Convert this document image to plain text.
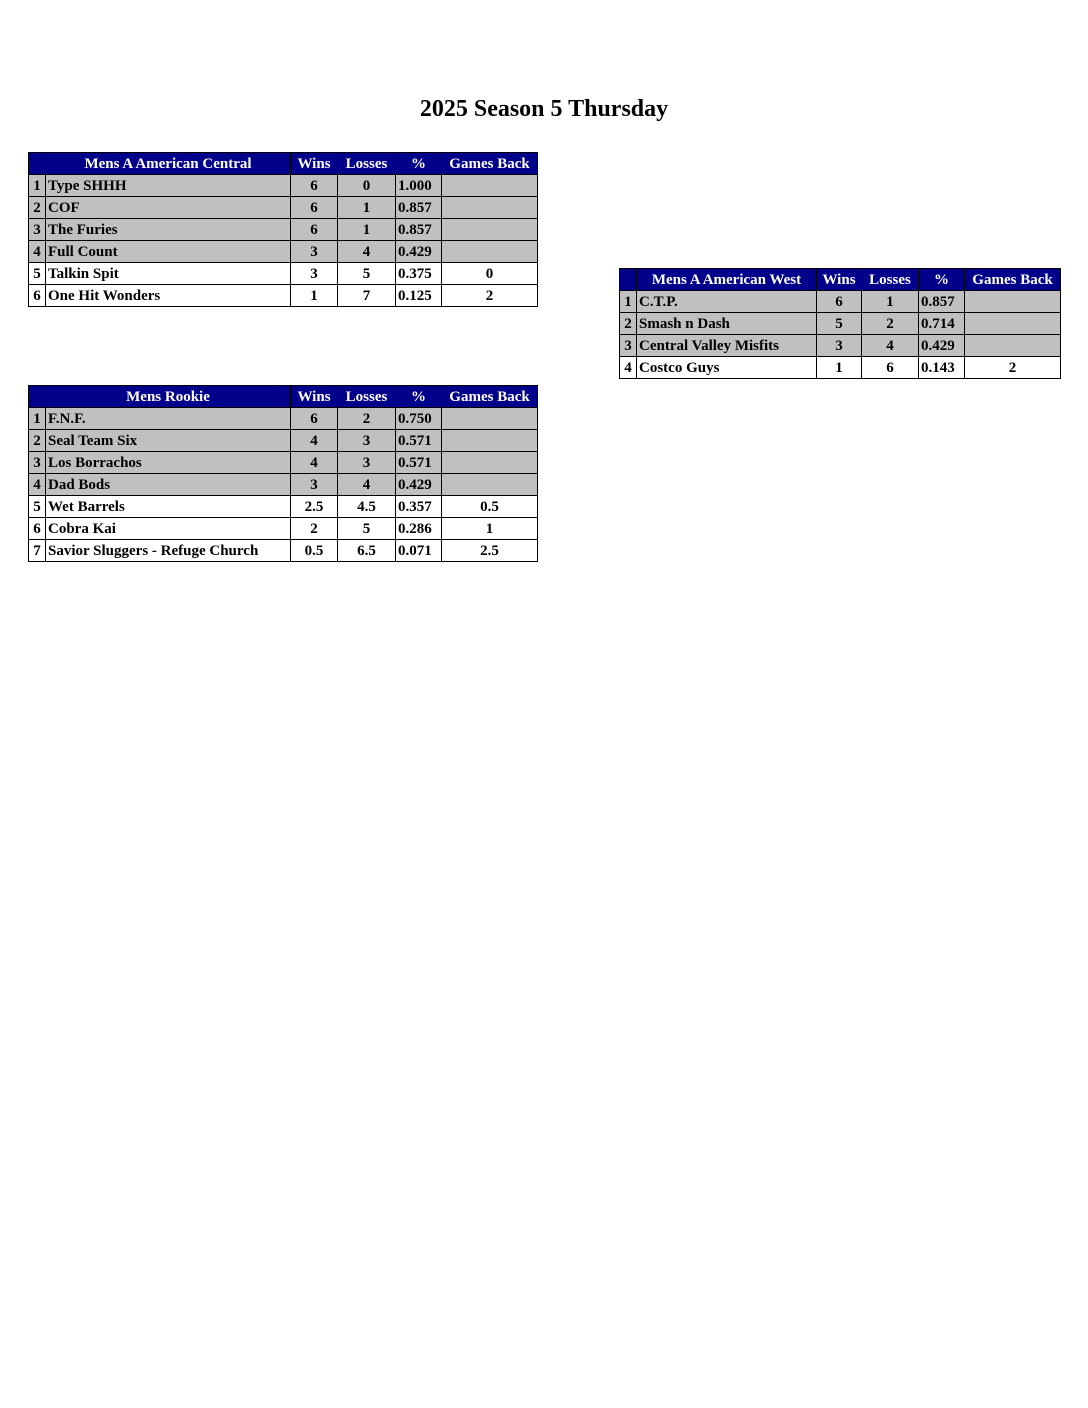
2025 Season 5 Thursday
	Mens A American Central	Wins	Losses	%	Games Back
1	Type SHHH	6	0	1.000	
2	COF	6	1	0.857	
3	The Furies	6	1	0.857	
4	Full Count	3	4	0.429	
5	Talkin Spit	3	5	0.375	0
6	One Hit Wonders	1	7	0.125	2
	Mens Rookie	Wins	Losses	%	Games Back
1	F.N.F.	6	2	0.750	
2	Seal Team Six	4	3	0.571	
3	Los Borrachos	4	3	0.571	
4	Dad Bods	3	4	0.429	
5	Wet Barrels	2.5	4.5	0.357	0.5
6	Cobra Kai	2	5	0.286	1
7	Savior Sluggers - Refuge Church	0.5	6.5	0.071	2.5
	Mens A American West	Wins	Losses	%	Games Back
1	C.T.P.	6	1	0.857	
2	Smash n Dash	5	2	0.714	
3	Central Valley Misfits	3	4	0.429	
4	Costco Guys	1	6	0.143	2
